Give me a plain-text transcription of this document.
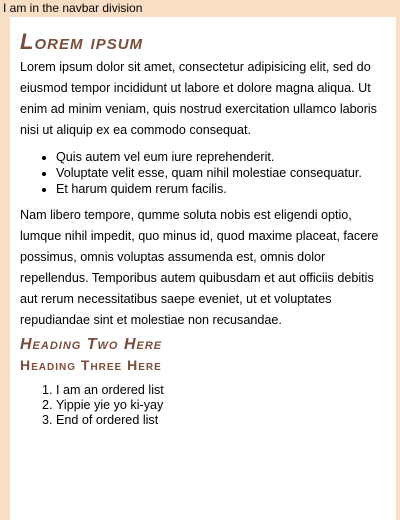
I am in the navbar division
Lorem ipsum

Lorem ipsum dolor sit amet, consectetur adipisicing elit, sed do eiusmod tempor incididunt ut labore et dolore magna aliqua. Ut enim ad minim veniam, quis nostrud exercitation ullamco laboris nisi ut aliquip ex ea commodo consequat.

• Quis autem vel eum iure reprehenderit.
• Voluptate velit esse, quam nihil molestiae consequatur.
• Et harum quidem rerum facilis.

Nam libero tempore, qumme soluta nobis est eligendi optio, lumque nihil impedit, quo minus id, quod maxime placeat, facere possimus, omnis voluptas assumenda est, omnis dolor repellendus. Temporibus autem quibusdam et aut officiis debitis aut rerum necessitatibus saepe eveniet, ut et voluptates repudiandae sint et molestiae non recusandae.

Heading Two Here
Heading Three Here
1. I am an ordered list
2. Yippie yie yo ki-yay
3. End of ordered list
